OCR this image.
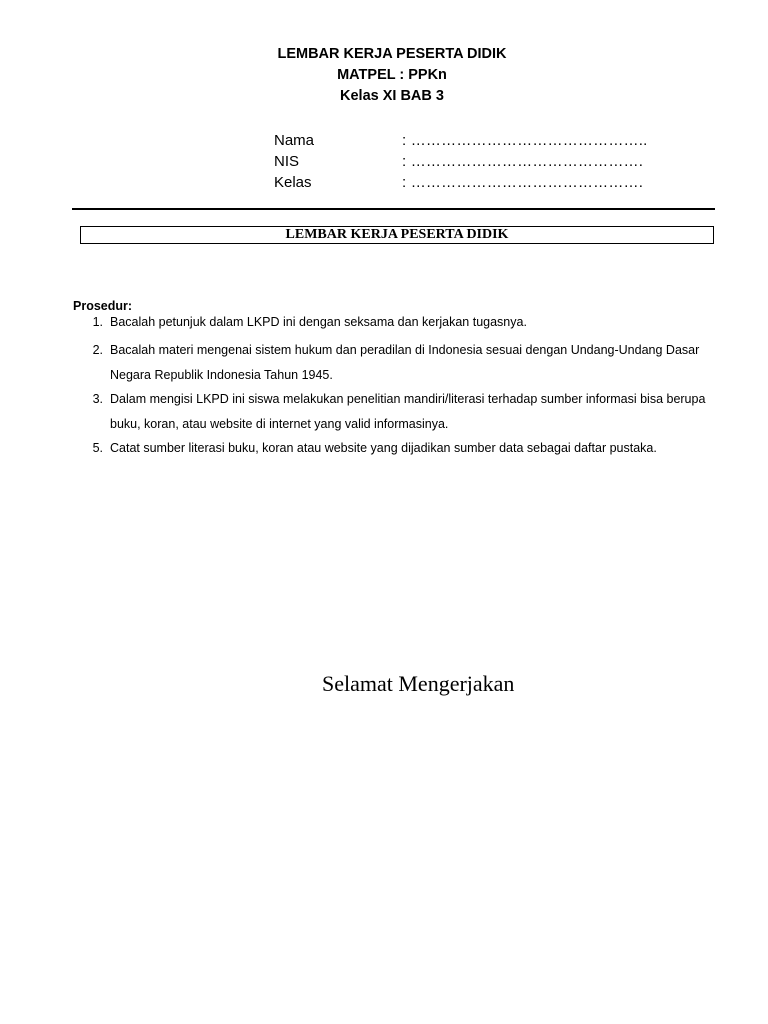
LEMBAR KERJA PESERTA DIDIK
MATPEL : PPKn
Kelas XI BAB 3
Nama	: ………………………………………..
NIS	: ……………………………………….
Kelas	: ……………………………………….
LEMBAR KERJA PESERTA DIDIK
Prosedur:
1. Bacalah petunjuk dalam LKPD ini dengan seksama dan kerjakan tugasnya.
2. Bacalah materi mengenai sistem hukum dan peradilan di Indonesia sesuai dengan Undang-Undang Dasar Negara Republik Indonesia Tahun 1945.
3. Dalam mengisi LKPD ini siswa melakukan penelitian mandiri/literasi terhadap sumber informasi bisa berupa buku, koran, atau website di internet yang valid informasinya.
5. Catat sumber literasi buku, koran atau website yang dijadikan sumber data sebagai daftar pustaka.
Selamat Mengerjakan
